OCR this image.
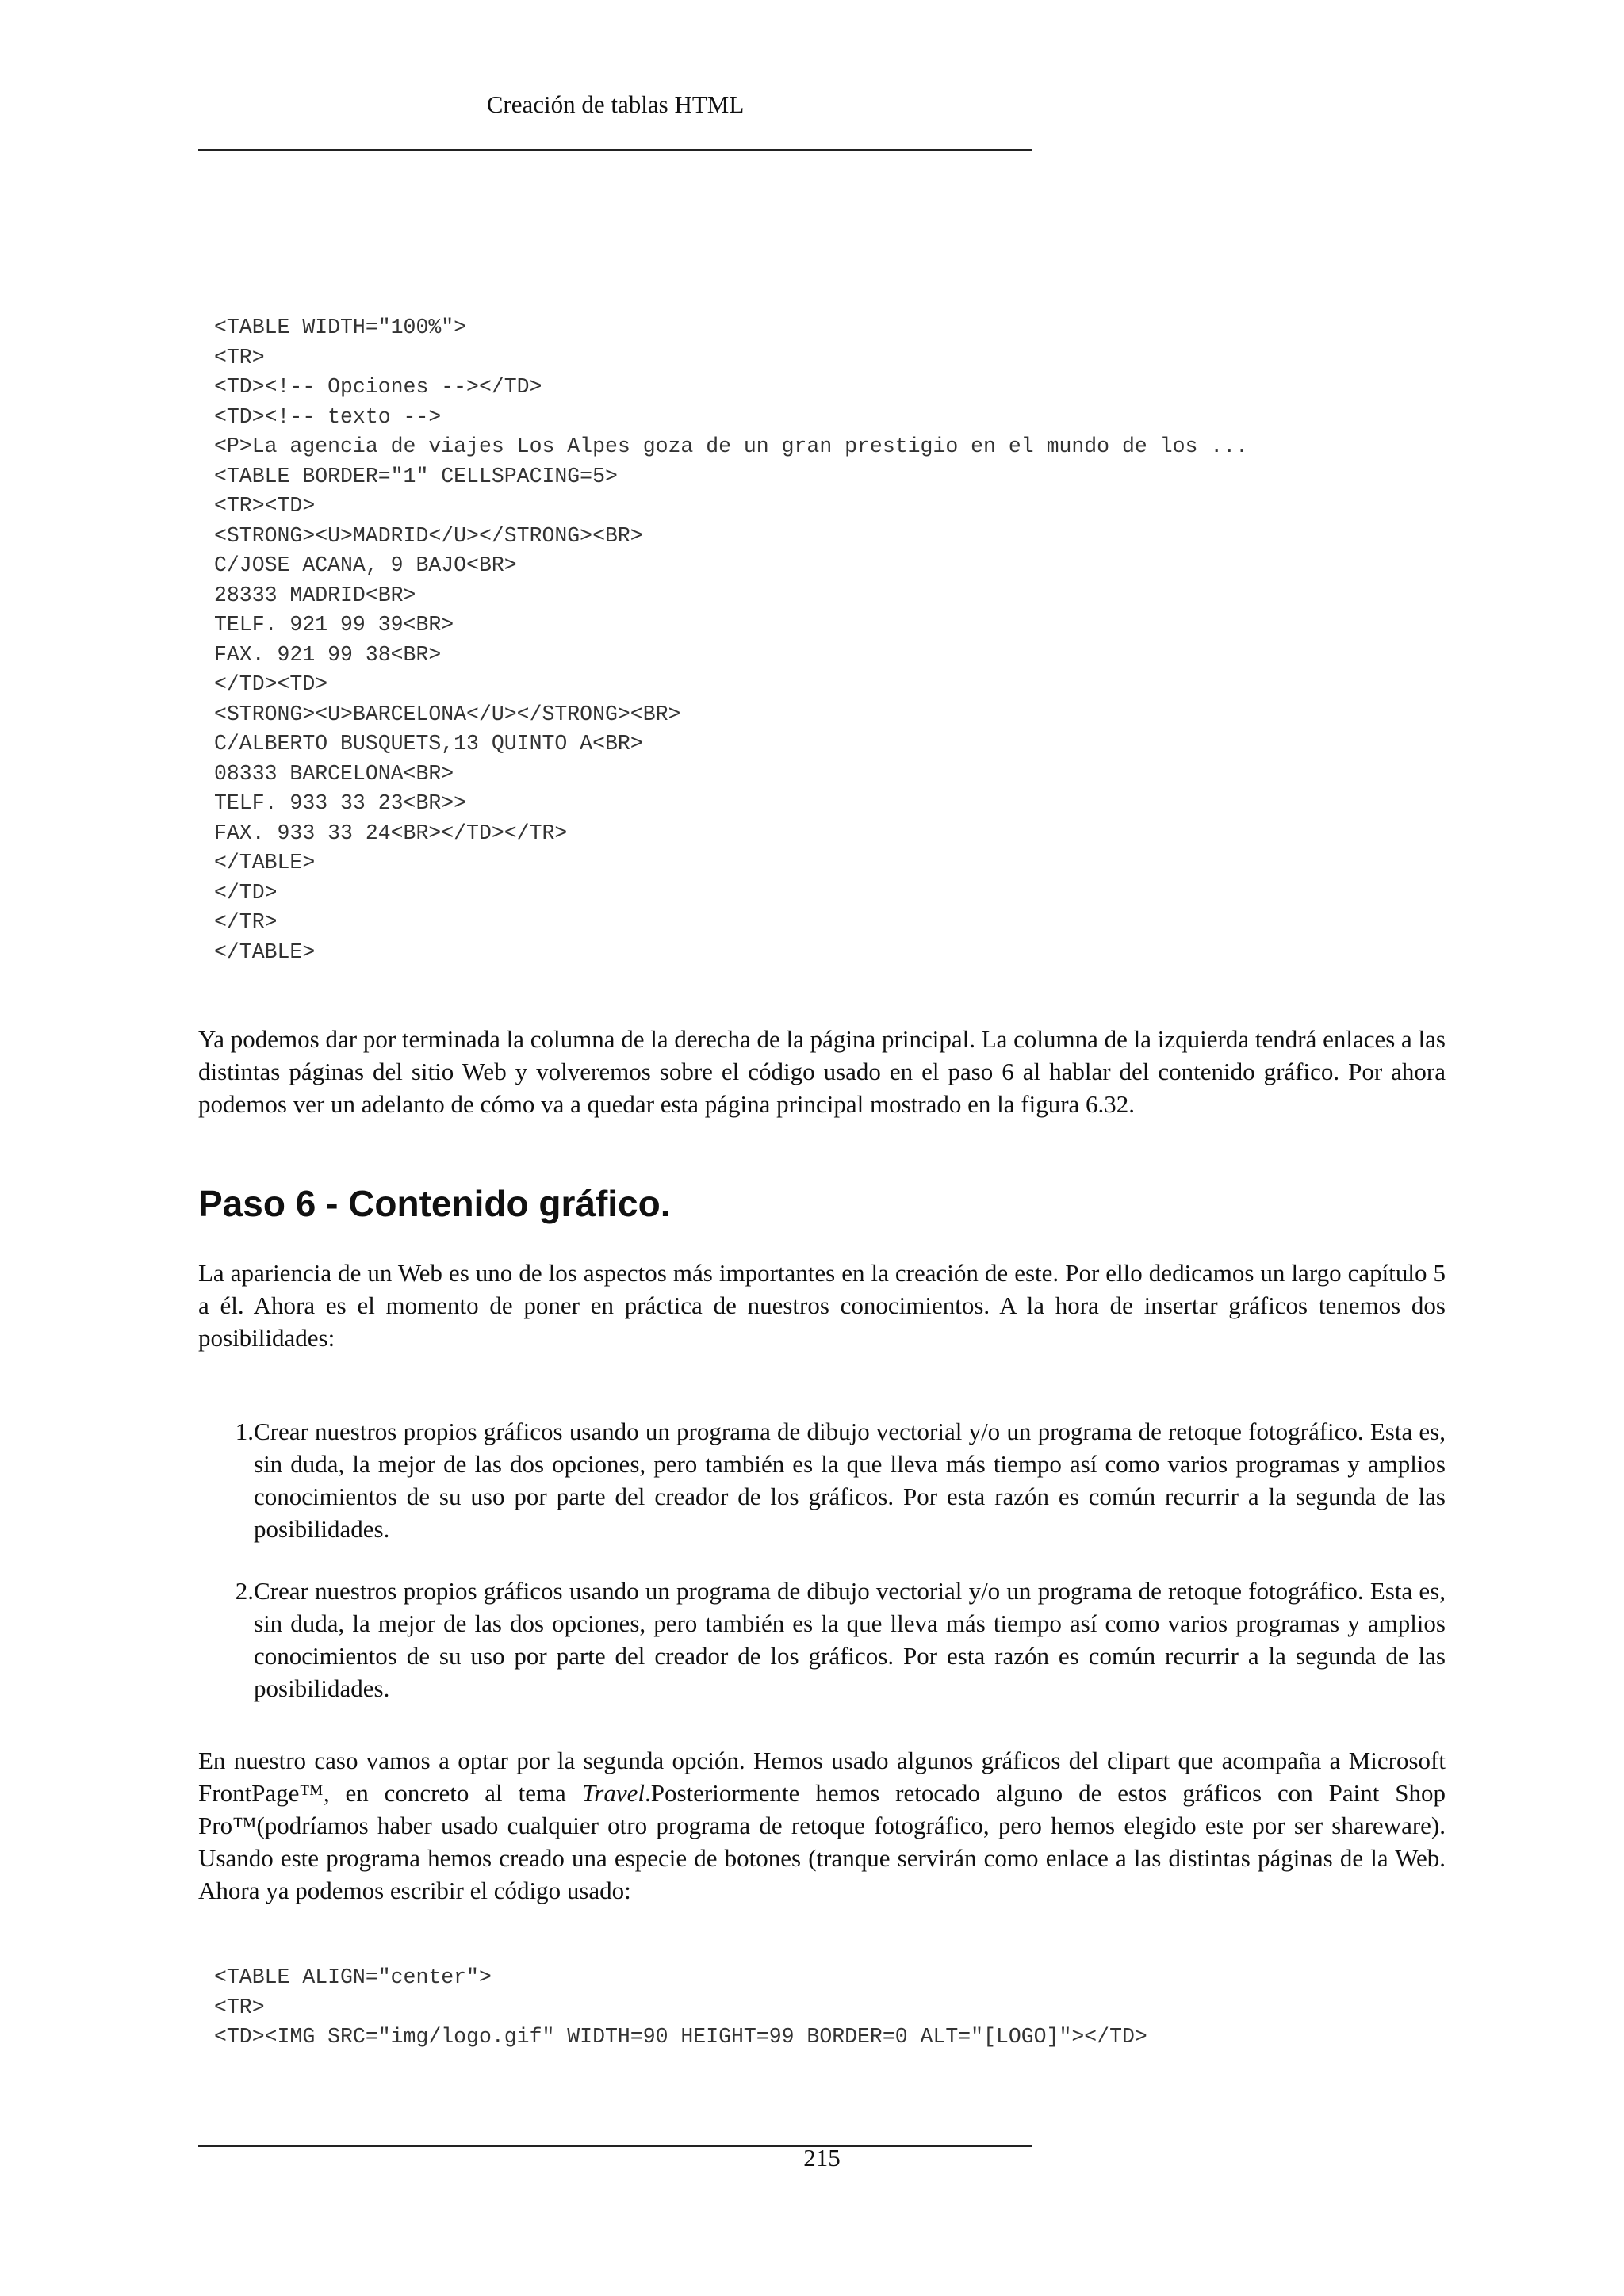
Creación de tablas HTML
<TABLE WIDTH="100%">
<TR>
<TD><!-- Opciones --></TD>
<TD><!-- texto -->
<P>La agencia de viajes Los Alpes goza de un gran prestigio en el mundo de los ...
<TABLE BORDER="1" CELLSPACING=5>
<TR><TD>
<STRONG><U>MADRID</U></STRONG><BR>
C/JOSE ACANA, 9 BAJO<BR>
28333 MADRID<BR>
TELF. 921 99 39<BR>
FAX. 921 99 38<BR>
</TD><TD>
<STRONG><U>BARCELONA</U></STRONG><BR>
C/ALBERTO BUSQUETS,13 QUINTO A<BR>
08333 BARCELONA<BR>
TELF. 933 33 23<BR>>
FAX. 933 33 24<BR></TD></TR>
</TABLE>
</TD>
</TR>
</TABLE>

Ya podemos dar por terminada la columna de la derecha de la página principal. La columna de la izquierda tendrá enlaces a las distintas páginas del sitio Web y volveremos sobre el código usado en el paso 6 al hablar del contenido gráfico. Por ahora podemos ver un adelanto de cómo va a quedar esta página principal mostrado en la figura 6.32.

Paso 6 - Contenido gráfico.

La apariencia de un Web es uno de los aspectos más importantes en la creación de este. Por ello dedicamos un largo capítulo 5 a él. Ahora es el momento de poner en práctica de nuestros conocimientos. A la hora de insertar gráficos tenemos dos posibilidades:

1. Crear nuestros propios gráficos usando un programa de dibujo vectorial y/o un programa de retoque fotográfico. Esta es, sin duda, la mejor de las dos opciones, pero también es la que lleva más tiempo así como varios programas y amplios conocimientos de su uso por parte del creador de los gráficos. Por esta razón es común recurrir a la segunda de las posibilidades.
2. Crear nuestros propios gráficos usando un programa de dibujo vectorial y/o un programa de retoque fotográfico. Esta es, sin duda, la mejor de las dos opciones, pero también es la que lleva más tiempo así como varios programas y amplios conocimientos de su uso por parte del creador de los gráficos. Por esta razón es común recurrir a la segunda de las posibilidades.

En nuestro caso vamos a optar por la segunda opción. Hemos usado algunos gráficos del clipart que acompaña a Microsoft FrontPage™, en concreto al tema Travel.Posteriormente hemos retocado alguno de estos gráficos con Paint Shop Pro™(podríamos haber usado cualquier otro programa de retoque fotográfico, pero hemos elegido este por ser shareware). Usando este programa hemos creado una especie de botones (tranque servirán como enlace a las distintas páginas de la Web. Ahora ya podemos escribir el código usado:

<TABLE ALIGN="center">
<TR>
<TD><IMG SRC="img/logo.gif" WIDTH=90 HEIGHT=99 BORDER=0 ALT="[LOGO]"></TD>
215
